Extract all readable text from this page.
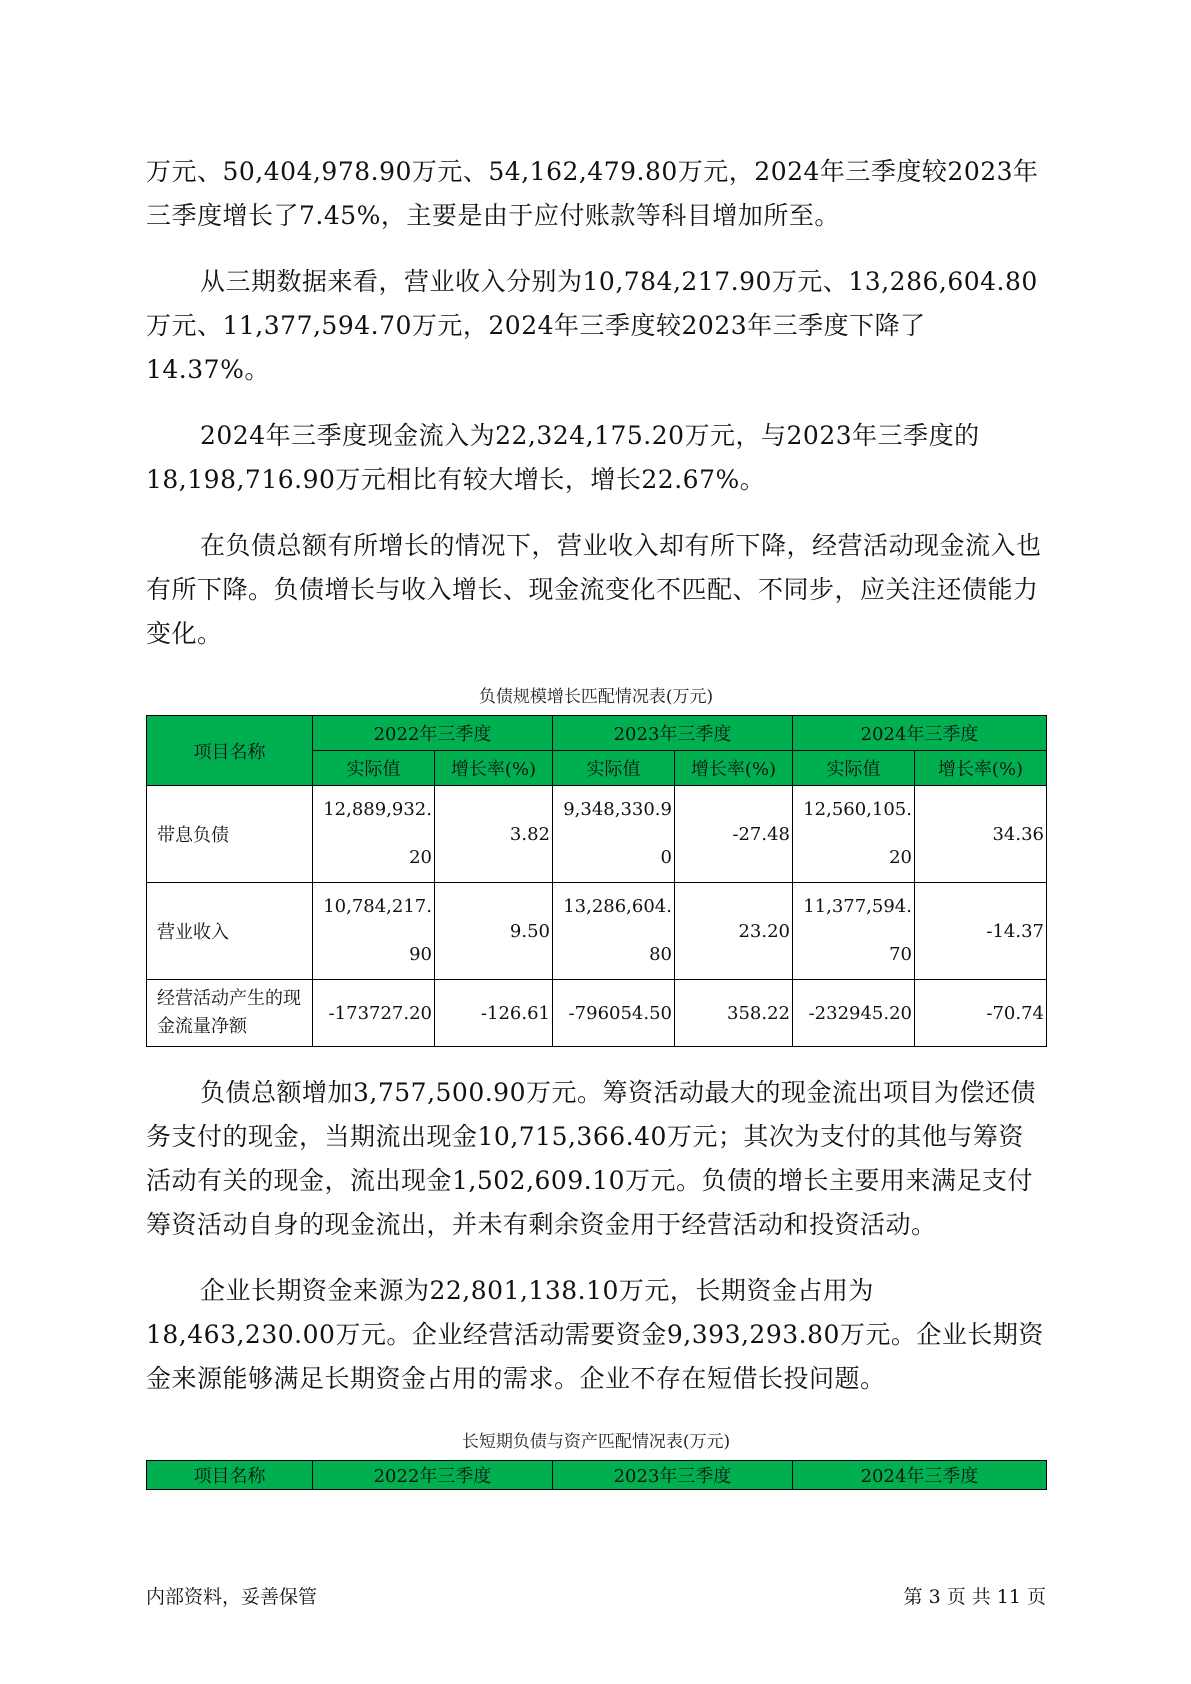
万元、50,404,978.90万元、54,162,479.80万元，2024年三季度较2023年三季度增长了7.45%，主要是由于应付账款等科目增加所至。

从三期数据来看，营业收入分别为10,784,217.90万元、13,286,604.80万元、11,377,594.70万元，2024年三季度较2023年三季度下降了14.37%。

2024年三季度现金流入为22,324,175.20万元，与2023年三季度的18,198,716.90万元相比有较大增长，增长22.67%。

在负债总额有所增长的情况下，营业收入却有所下降，经营活动现金流入也有所下降。负债增长与收入增长、现金流变化不匹配、不同步，应关注还债能力变化。

负债规模增长匹配情况表(万元)
项目名称	2022年三季度		2023年三季度		2024年三季度	
	实际值	增长率(%)	实际值	增长率(%)	实际值	增长率(%)
带息负债	12,889,932.20	3.82	9,348,330.90	-27.48	12,560,105.20	34.36
营业收入	10,784,217.90	9.50	13,286,604.80	23.20	11,377,594.70	-14.37
经营活动产生的现金流量净额	-173727.20	-126.61	-796054.50	358.22	-232945.20	-70.74

负债总额增加3,757,500.90万元。筹资活动最大的现金流出项目为偿还债务支付的现金，当期流出现金10,715,366.40万元；其次为支付的其他与筹资活动有关的现金，流出现金1,502,609.10万元。负债的增长主要用来满足支付筹资活动自身的现金流出，并未有剩余资金用于经营活动和投资活动。

企业长期资金来源为22,801,138.10万元，长期资金占用为18,463,230.00万元。企业经营活动需要资金9,393,293.80万元。企业长期资金来源能够满足长期资金占用的需求。企业不存在短借长投问题。

长短期负债与资产匹配情况表(万元)
项目名称	2022年三季度	2023年三季度	2024年三季度
内部资料，妥善保管	第 3 页 共 11 页
